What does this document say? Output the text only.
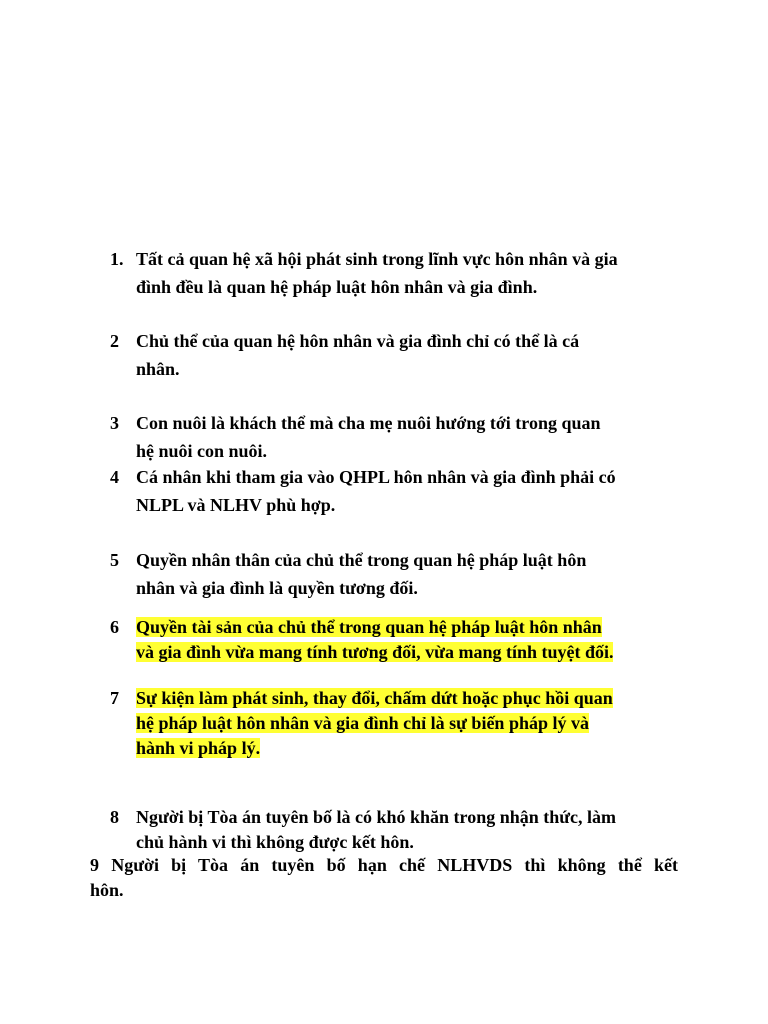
1. Tất cả quan hệ xã hội phát sinh trong lĩnh vực hôn nhân và gia
đình đều là quan hệ pháp luật hôn nhân và gia đình.
2 Chủ thể của quan hệ hôn nhân và gia đình chỉ có thể là cá
nhân.
3 Con nuôi là khách thể mà cha mẹ nuôi hướng tới trong quan
hệ nuôi con nuôi.
4 Cá nhân khi tham gia vào QHPL hôn nhân và gia đình phải có
NLPL và NLHV phù hợp.
5 Quyền nhân thân của chủ thể trong quan hệ pháp luật hôn
nhân và gia đình là quyền tương đối.
6 Quyền tài sản của chủ thể trong quan hệ pháp luật hôn nhân
và gia đình vừa mang tính tương đối, vừa mang tính tuyệt đối.
7 Sự kiện làm phát sinh, thay đổi, chấm dứt hoặc phục hồi quan
hệ pháp luật hôn nhân và gia đình chỉ là sự biến pháp lý và
hành vi pháp lý.
8 Người bị Tòa án tuyên bố là có khó khăn trong nhận thức, làm
chủ hành vi thì không được kết hôn.
9 Người bị Tòa án tuyên bố hạn chế NLHVDS thì không thể kết
hôn.
